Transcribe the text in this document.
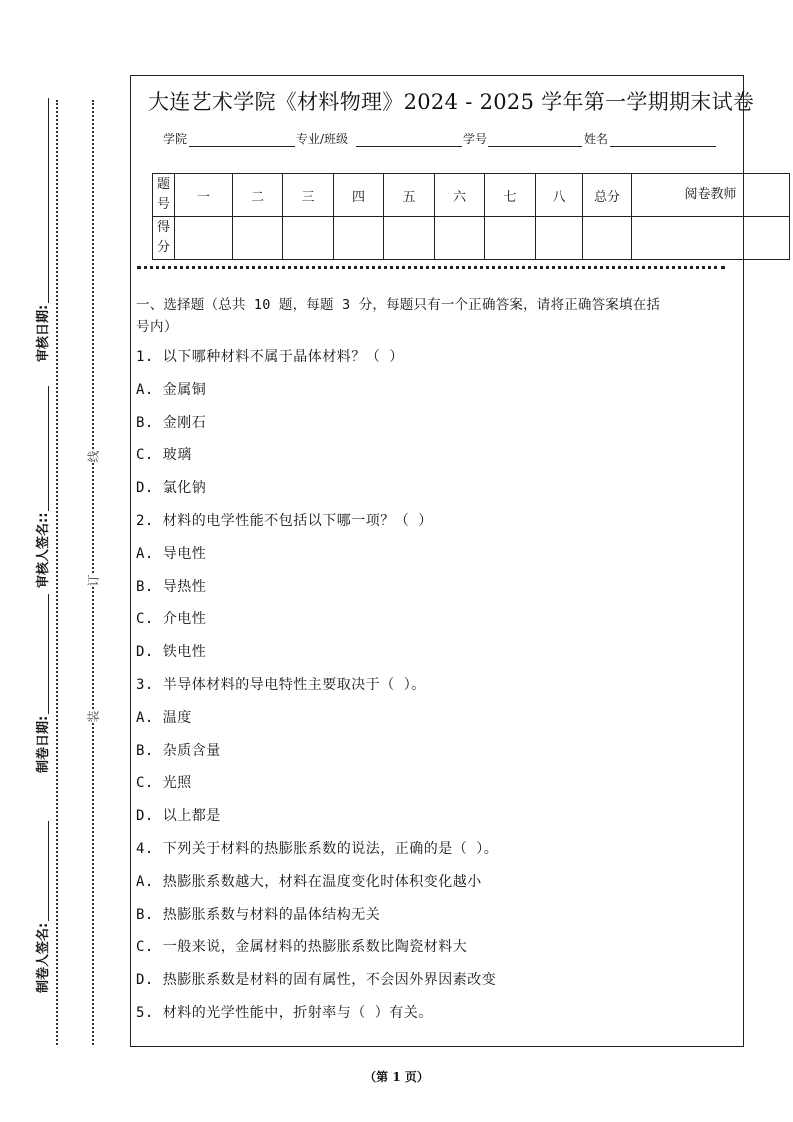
审核日期:
审核人签名::
制卷日期:
制卷人签名:
线
订
装
大连艺术学院《材料物理》2024 - 2025 学年第一学期期末试卷
学院	专业/班级	学号	姓名
题号	一	二	三	四	五	六	七	八	总分	阅卷教师
得分										
一、选择题（总共 10 题，每题 3 分，每题只有一个正确答案，请将正确答案填在括
号内）
1. 以下哪种材料不属于晶体材料？（ ）
A. 金属铜
B. 金刚石
C. 玻璃
D. 氯化钠
2. 材料的电学性能不包括以下哪一项？（ ）
A. 导电性
B. 导热性
C. 介电性
D. 铁电性
3. 半导体材料的导电特性主要取决于（ ）。
A. 温度
B. 杂质含量
C. 光照
D. 以上都是
4. 下列关于材料的热膨胀系数的说法，正确的是（ ）。
A. 热膨胀系数越大，材料在温度变化时体积变化越小
B. 热膨胀系数与材料的晶体结构无关
C. 一般来说，金属材料的热膨胀系数比陶瓷材料大
D. 热膨胀系数是材料的固有属性，不会因外界因素改变
5. 材料的光学性能中，折射率与（ ）有关。
（第 1 页）
